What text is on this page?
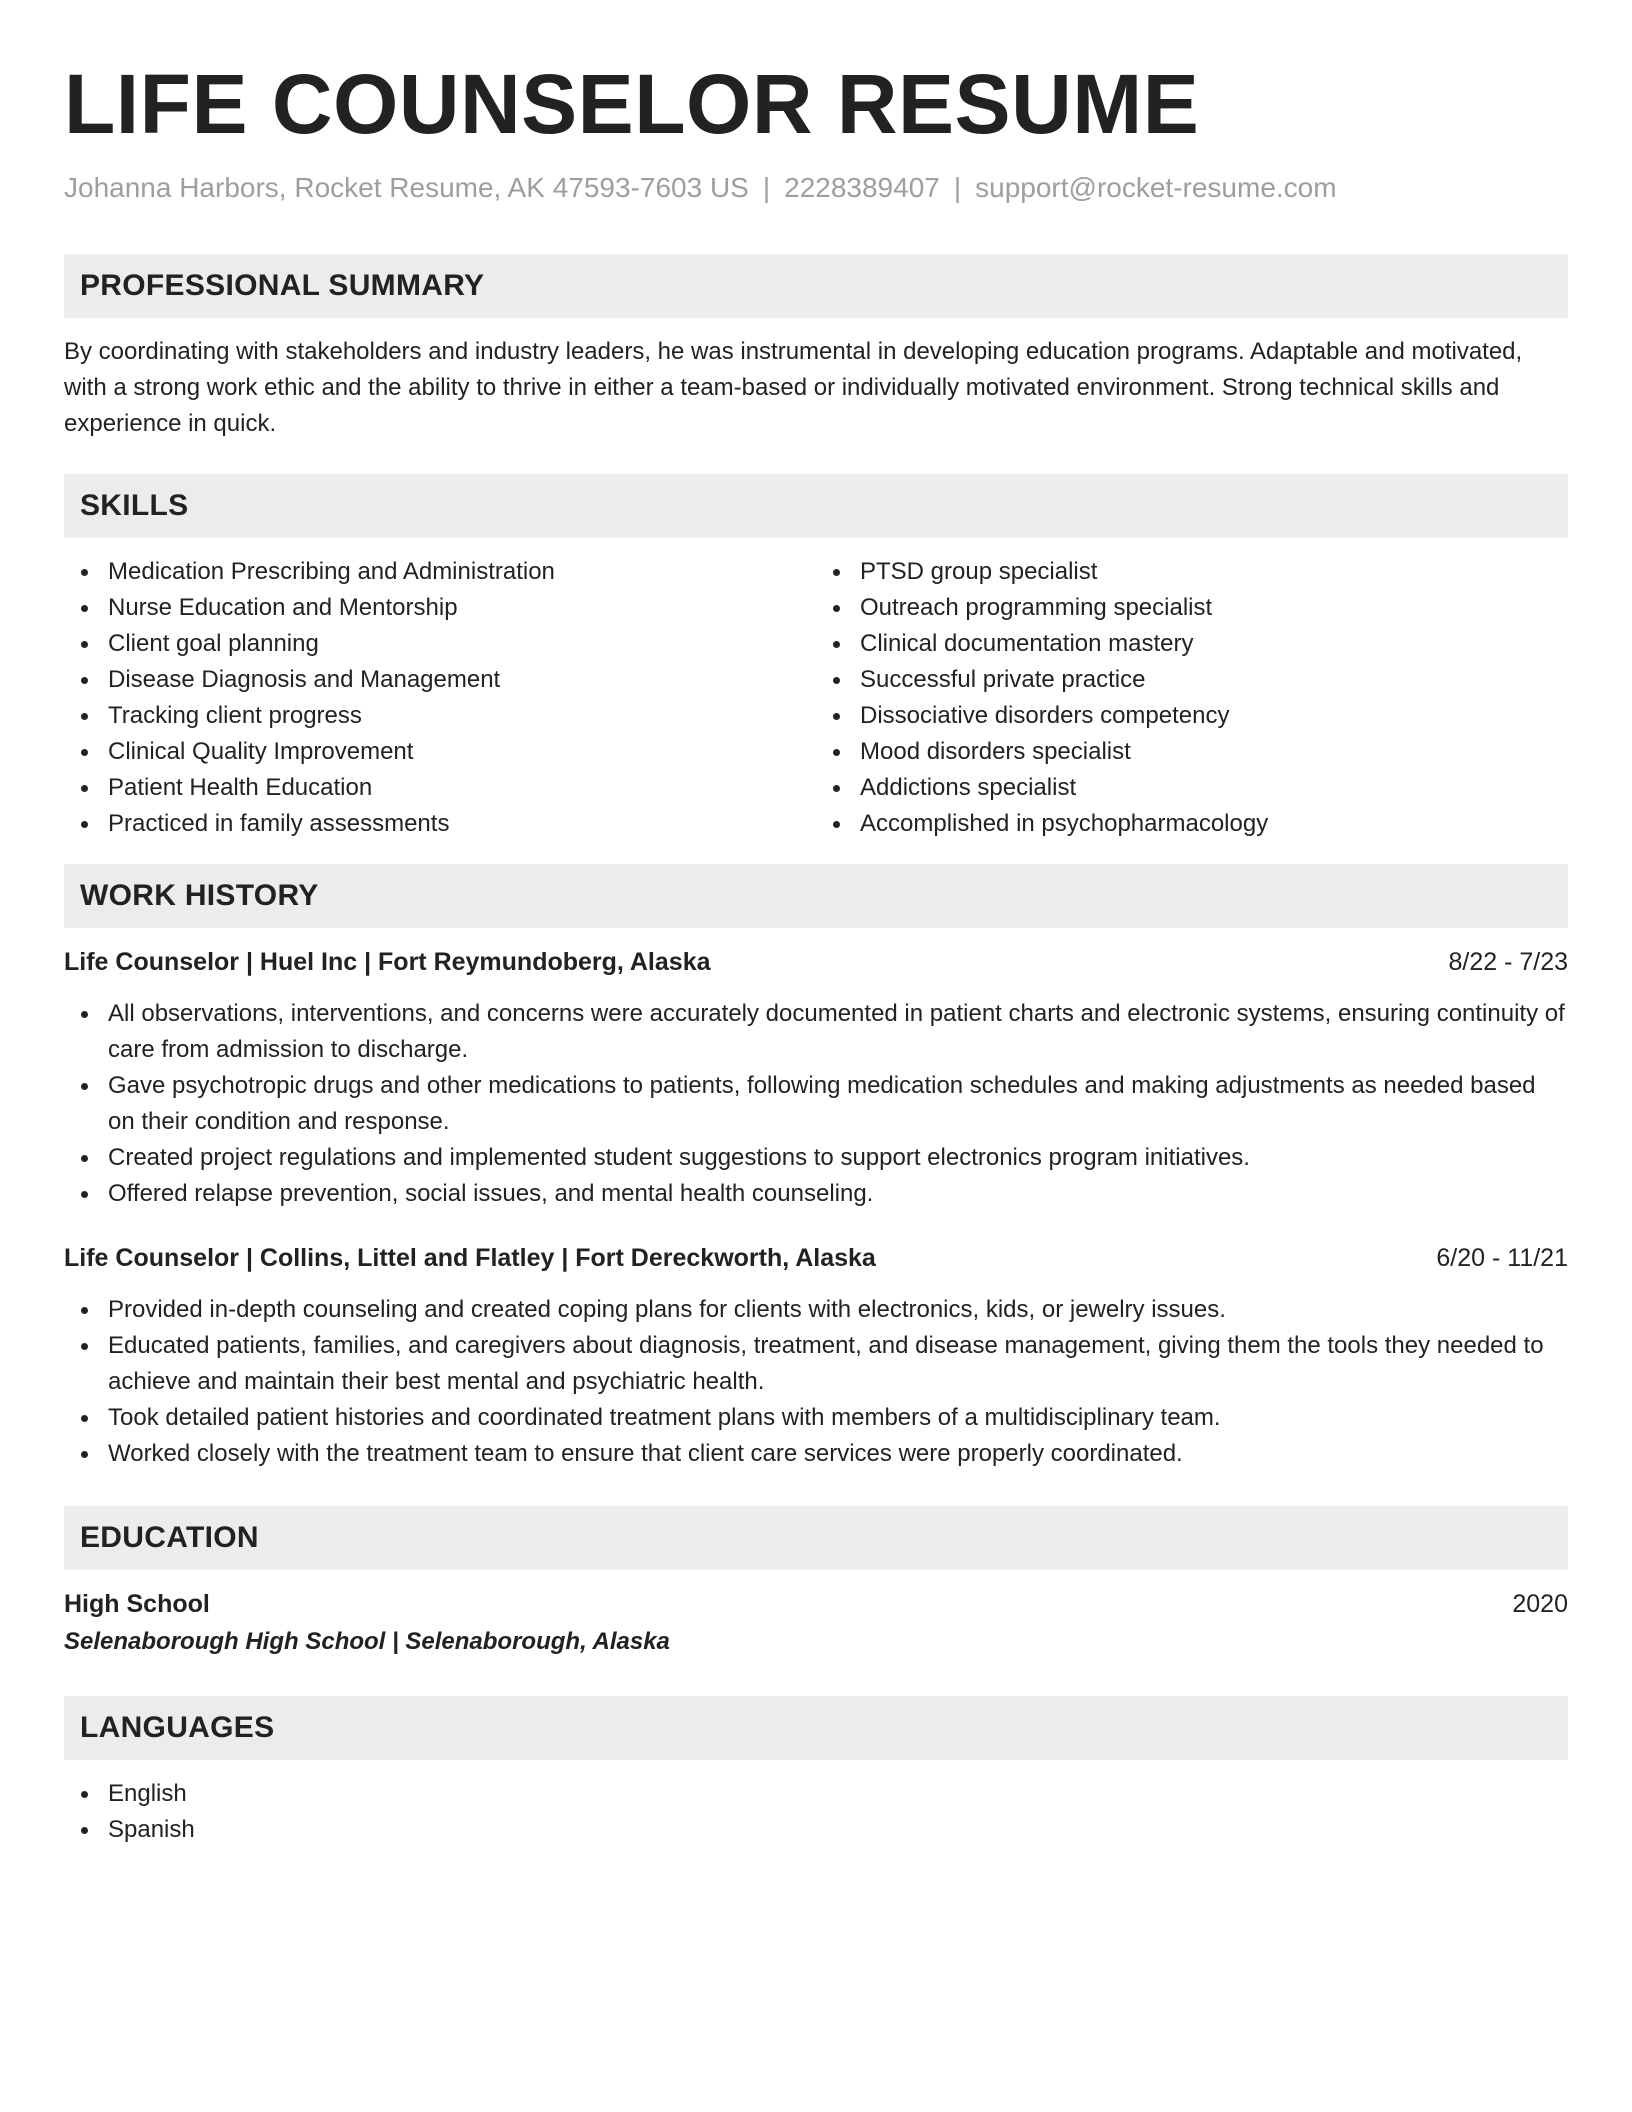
LIFE COUNSELOR RESUME
Johanna Harbors, Rocket Resume, AK 47593-7603 US | 2228389407 | support@rocket-resume.com
PROFESSIONAL SUMMARY
By coordinating with stakeholders and industry leaders, he was instrumental in developing education programs. Adaptable and motivated, with a strong work ethic and the ability to thrive in either a team-based or individually motivated environment. Strong technical skills and experience in quick.
SKILLS
Medication Prescribing and Administration
Nurse Education and Mentorship
Client goal planning
Disease Diagnosis and Management
Tracking client progress
Clinical Quality Improvement
Patient Health Education
Practiced in family assessments
PTSD group specialist
Outreach programming specialist
Clinical documentation mastery
Successful private practice
Dissociative disorders competency
Mood disorders specialist
Addictions specialist
Accomplished in psychopharmacology
WORK HISTORY
Life Counselor | Huel Inc | Fort Reymundoberg, Alaska	8/22 - 7/23
All observations, interventions, and concerns were accurately documented in patient charts and electronic systems, ensuring continuity of care from admission to discharge.
Gave psychotropic drugs and other medications to patients, following medication schedules and making adjustments as needed based on their condition and response.
Created project regulations and implemented student suggestions to support electronics program initiatives.
Offered relapse prevention, social issues, and mental health counseling.
Life Counselor | Collins, Littel and Flatley | Fort Dereckworth, Alaska	6/20 - 11/21
Provided in-depth counseling and created coping plans for clients with electronics, kids, or jewelry issues.
Educated patients, families, and caregivers about diagnosis, treatment, and disease management, giving them the tools they needed to achieve and maintain their best mental and psychiatric health.
Took detailed patient histories and coordinated treatment plans with members of a multidisciplinary team.
Worked closely with the treatment team to ensure that client care services were properly coordinated.
EDUCATION
High School	2020
Selenaborough High School | Selenaborough, Alaska
LANGUAGES
English
Spanish
